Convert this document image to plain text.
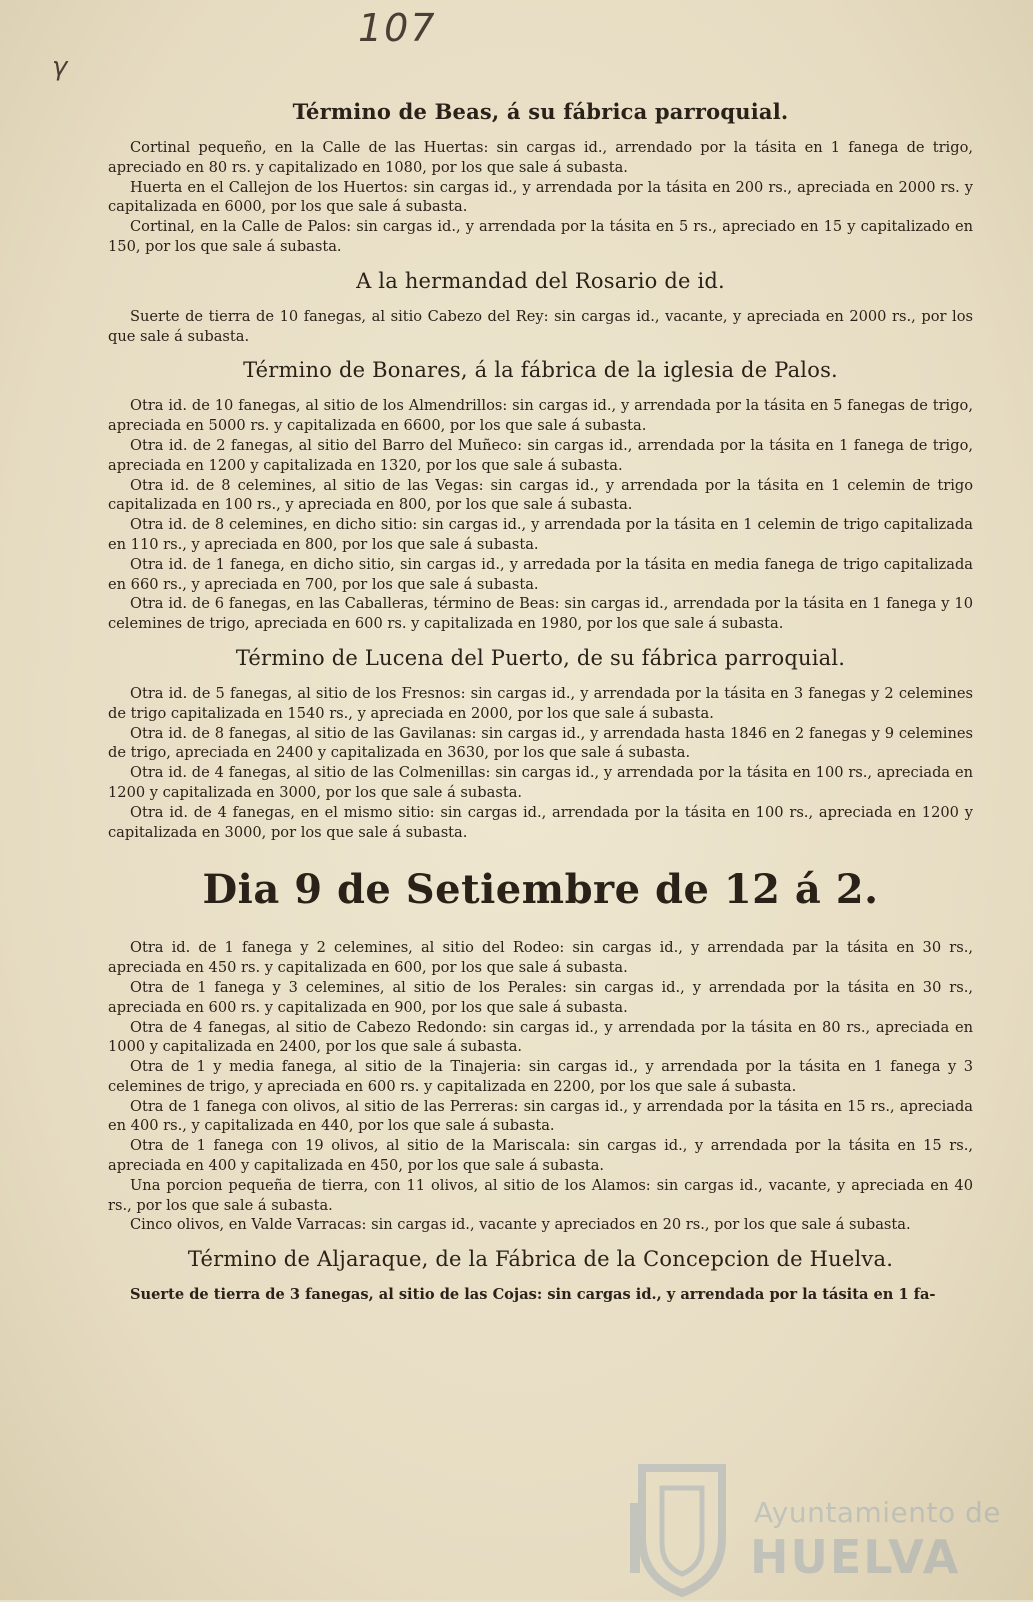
107
γ
Término de Beas, á su fábrica parroquial.

Cortinal pequeño, en la Calle de las Huertas: sin cargas id., arrendado por la tásita en 1 fanega de trigo, apreciado en 80 rs. y capitalizado en 1080, por los que sale á subasta.

Huerta en el Callejon de los Huertos: sin cargas id., y arrendada por la tásita en 200 rs., apreciada en 2000 rs. y capitalizada en 6000, por los que sale á subasta.

Cortinal, en la Calle de Palos: sin cargas id., y arrendada por la tásita en 5 rs., apreciado en 15 y capitalizado en 150, por los que sale á subasta.

A la hermandad del Rosario de id.

Suerte de tierra de 10 fanegas, al sitio Cabezo del Rey: sin cargas id., vacante, y apreciada en 2000 rs., por los que sale á subasta.

Término de Bonares, á la fábrica de la iglesia de Palos.

Otra id. de 10 fanegas, al sitio de los Almendrillos: sin cargas id., y arrendada por la tásita en 5 fanegas de trigo, apreciada en 5000 rs. y capitalizada en 6600, por los que sale á subasta.

Otra id. de 2 fanegas, al sitio del Barro del Muñeco: sin cargas id., arrendada por la tásita en 1 fanega de trigo, apreciada en 1200 y capitalizada en 1320, por los que sale á subasta.

Otra id. de 8 celemines, al sitio de las Vegas: sin cargas id., y arrendada por la tásita en 1 celemin de trigo capitalizada en 100 rs., y apreciada en 800, por los que sale á subasta.

Otra id. de 8 celemines, en dicho sitio: sin cargas id., y arrendada por la tásita en 1 celemin de trigo capitalizada en 110 rs., y apreciada en 800, por los que sale á subasta.

Otra id. de 1 fanega, en dicho sitio, sin cargas id., y arredada por la tásita en media fanega de trigo capitalizada en 660 rs., y apreciada en 700, por los que sale á subasta.

Otra id. de 6 fanegas, en las Caballeras, término de Beas: sin cargas id., arrendada por la tásita en 1 fanega y 10 celemines de trigo, apreciada en 600 rs. y capitalizada en 1980, por los que sale á subasta.

Término de Lucena del Puerto, de su fábrica parroquial.

Otra id. de 5 fanegas, al sitio de los Fresnos: sin cargas id., y arrendada por la tásita en 3 fanegas y 2 celemines de trigo capitalizada en 1540 rs., y apreciada en 2000, por los que sale á subasta.

Otra id. de 8 fanegas, al sitio de las Gavilanas: sin cargas id., y arrendada hasta 1846 en 2 fanegas y 9 celemines de trigo, apreciada en 2400 y capitalizada en 3630, por los que sale á subasta.

Otra id. de 4 fanegas, al sitio de las Colmenillas: sin cargas id., y arrendada por la tásita en 100 rs., apreciada en 1200 y capitalizada en 3000, por los que sale á subasta.

Otra id. de 4 fanegas, en el mismo sitio: sin cargas id., arrendada por la tásita en 100 rs., apreciada en 1200 y capitalizada en 3000, por los que sale á subasta.

Dia 9 de Setiembre de 12 á 2.

Otra id. de 1 fanega y 2 celemines, al sitio del Rodeo: sin cargas id., y arrendada par la tásita en 30 rs., apreciada en 450 rs. y capitalizada en 600, por los que sale á subasta.

Otra de 1 fanega y 3 celemines, al sitio de los Perales: sin cargas id., y arrendada por la tásita en 30 rs., apreciada en 600 rs. y capitalizada en 900, por los que sale á subasta.

Otra de 4 fanegas, al sitio de Cabezo Redondo: sin cargas id., y arrendada por la tásita en 80 rs., apreciada en 1000 y capitalizada en 2400, por los que sale á subasta.

Otra de 1 y media fanega, al sitio de la Tinajeria: sin cargas id., y arrendada por la tásita en 1 fanega y 3 celemines de trigo, y apreciada en 600 rs. y capitalizada en 2200, por los que sale á subasta.

Otra de 1 fanega con olivos, al sitio de las Perreras: sin cargas id., y arrendada por la tásita en 15 rs., apreciada en 400 rs., y capitalizada en 440, por los que sale á subasta.

Otra de 1 fanega con 19 olivos, al sitio de la Mariscala: sin cargas id., y arrendada por la tásita en 15 rs., apreciada en 400 y capitalizada en 450, por los que sale á subasta.

Una porcion pequeña de tierra, con 11 olivos, al sitio de los Alamos: sin cargas id., vacante, y apreciada en 40 rs., por los que sale á subasta.

Cinco olivos, en Valde Varracas: sin cargas id., vacante y apreciados en 20 rs., por los que sale á subasta.

Término de Aljaraque, de la Fábrica de la Concepcion de Huelva.

Suerte de tierra de 3 fanegas, al sitio de las Cojas: sin cargas id., y arrendada por la tásita en 1 fa-

Ayuntamiento de
HUELVA
